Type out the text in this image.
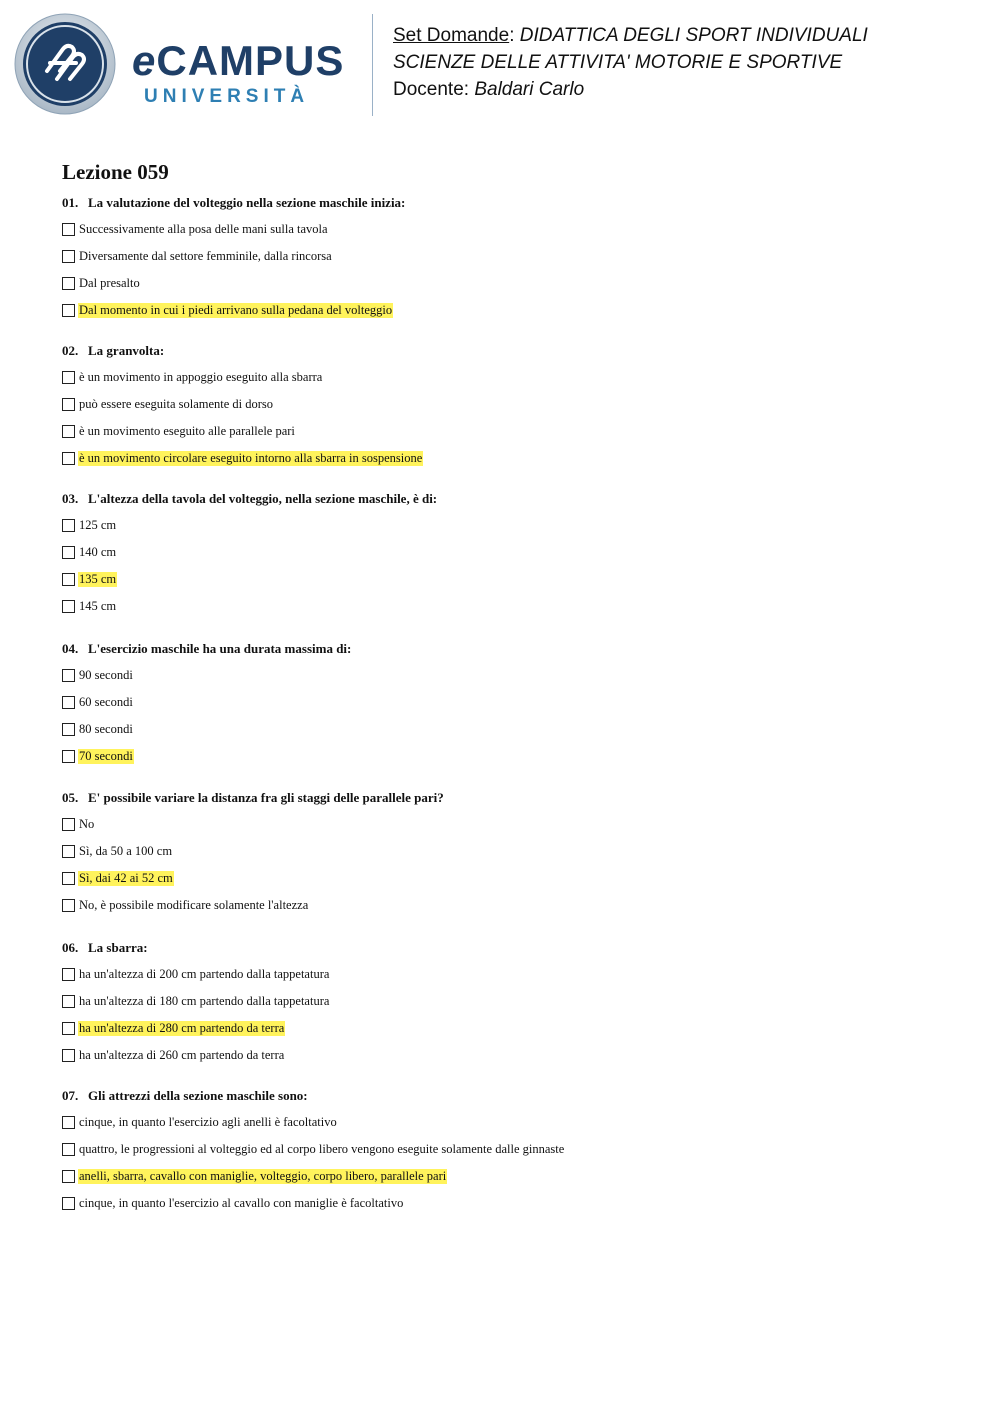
eCAMPUS
UNIVERSITÀ
Set Domande: DIDATTICA DEGLI SPORT INDIVIDUALI
SCIENZE DELLE ATTIVITA' MOTORIE E SPORTIVE
Docente: Baldari Carlo
Lezione 059
01. La valutazione del volteggio nella sezione maschile inizia:
Successivamente alla posa delle mani sulla tavola
Diversamente dal settore femminile, dalla rincorsa
Dal presalto
Dal momento in cui i piedi arrivano sulla pedana del volteggio
02. La granvolta:
è un movimento in appoggio eseguito alla sbarra
può essere eseguita solamente di dorso
è un movimento eseguito alle parallele pari
è un movimento circolare eseguito intorno alla sbarra in sospensione
03. L'altezza della tavola del volteggio, nella sezione maschile, è di:
125 cm
140 cm
135 cm
145 cm
04. L'esercizio maschile ha una durata massima di:
90 secondi
60 secondi
80 secondi
70 secondi
05. E' possibile variare la distanza fra gli staggi delle parallele pari?
No
Sì, da 50 a 100 cm
Sì, dai 42 ai 52 cm
No, è possibile modificare solamente l'altezza
06. La sbarra:
ha un'altezza di 200 cm partendo dalla tappetatura
ha un'altezza di 180 cm partendo dalla tappetatura
ha un'altezza di 280 cm partendo da terra
ha un'altezza di 260 cm partendo da terra
07. Gli attrezzi della sezione maschile sono:
cinque, in quanto l'esercizio agli anelli è facoltativo
quattro, le progressioni al volteggio ed al corpo libero vengono eseguite solamente dalle ginnaste
anelli, sbarra, cavallo con maniglie, volteggio, corpo libero, parallele pari
cinque, in quanto l'esercizio al cavallo con maniglie è facoltativo
